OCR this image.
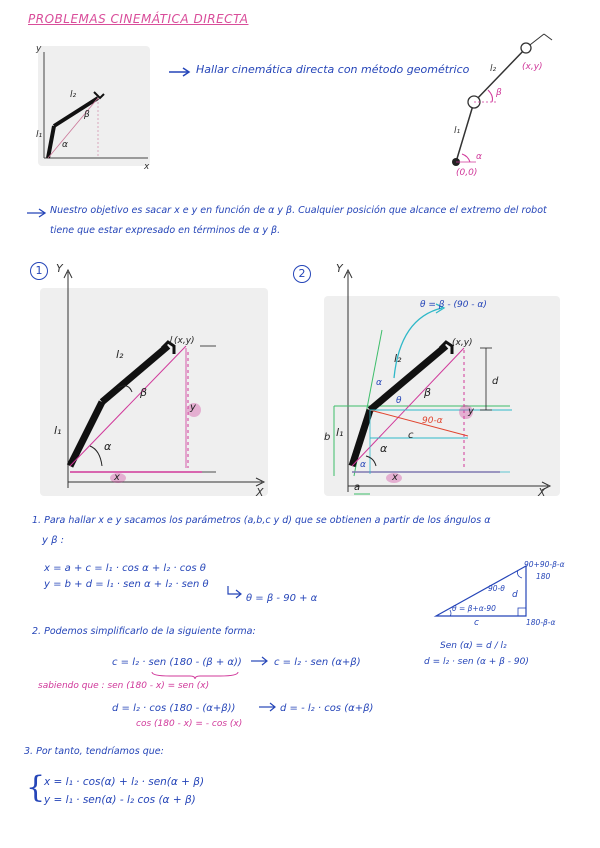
PROBLEMAS CINEMÁTICA DIRECTA
y
x
l₂
l₁
β
α
Hallar cinemática directa con método geométrico	(x,y)
(0,0)
l₂
l₁
β
α
Nuestro objetivo es sacar x e y en función de α y β. Cualquier posición que alcance el extremo del robot
tiene que estar expresado en términos de α y β.
1	Y
X
(x,y)
l₂
l₁
β
α
y
x
2	Y
X
θ = β - (90 - α)
(x,y)
l₂
l₁
β
α
α
θ
90-α
d
y
c
b
α
x
a
1. Para hallar x e y sacamos los parámetros (a,b,c y d) que se obtienen a partir de los ángulos α
y β :
x = a + c = l₁ · cos α + l₂ · cos θ
y = b + d = l₁ · sen α + l₂ · sen θ
θ = β - 90 + α
90+90-β-α
180
90-θ
θ = β+α-90
d
c	180-β-α
Sen (α) = d / l₂
d = l₂ · sen (α + β - 90)
2. Podemos simplificarlo de la siguiente forma:
c = l₂ · sen (180 - (β + α))	c = l₂ · sen (α+β)
sabiendo que : sen (180 - x) = sen (x)
d = l₂ · cos (180 - (α+β))	d = - l₂ · cos (α+β)
cos (180 - x) = - cos (x)
3. Por tanto, tendríamos que:
{
x = l₁ · cos(α) + l₂ · sen(α + β)
y = l₁ · sen(α) - l₂ cos (α + β)
